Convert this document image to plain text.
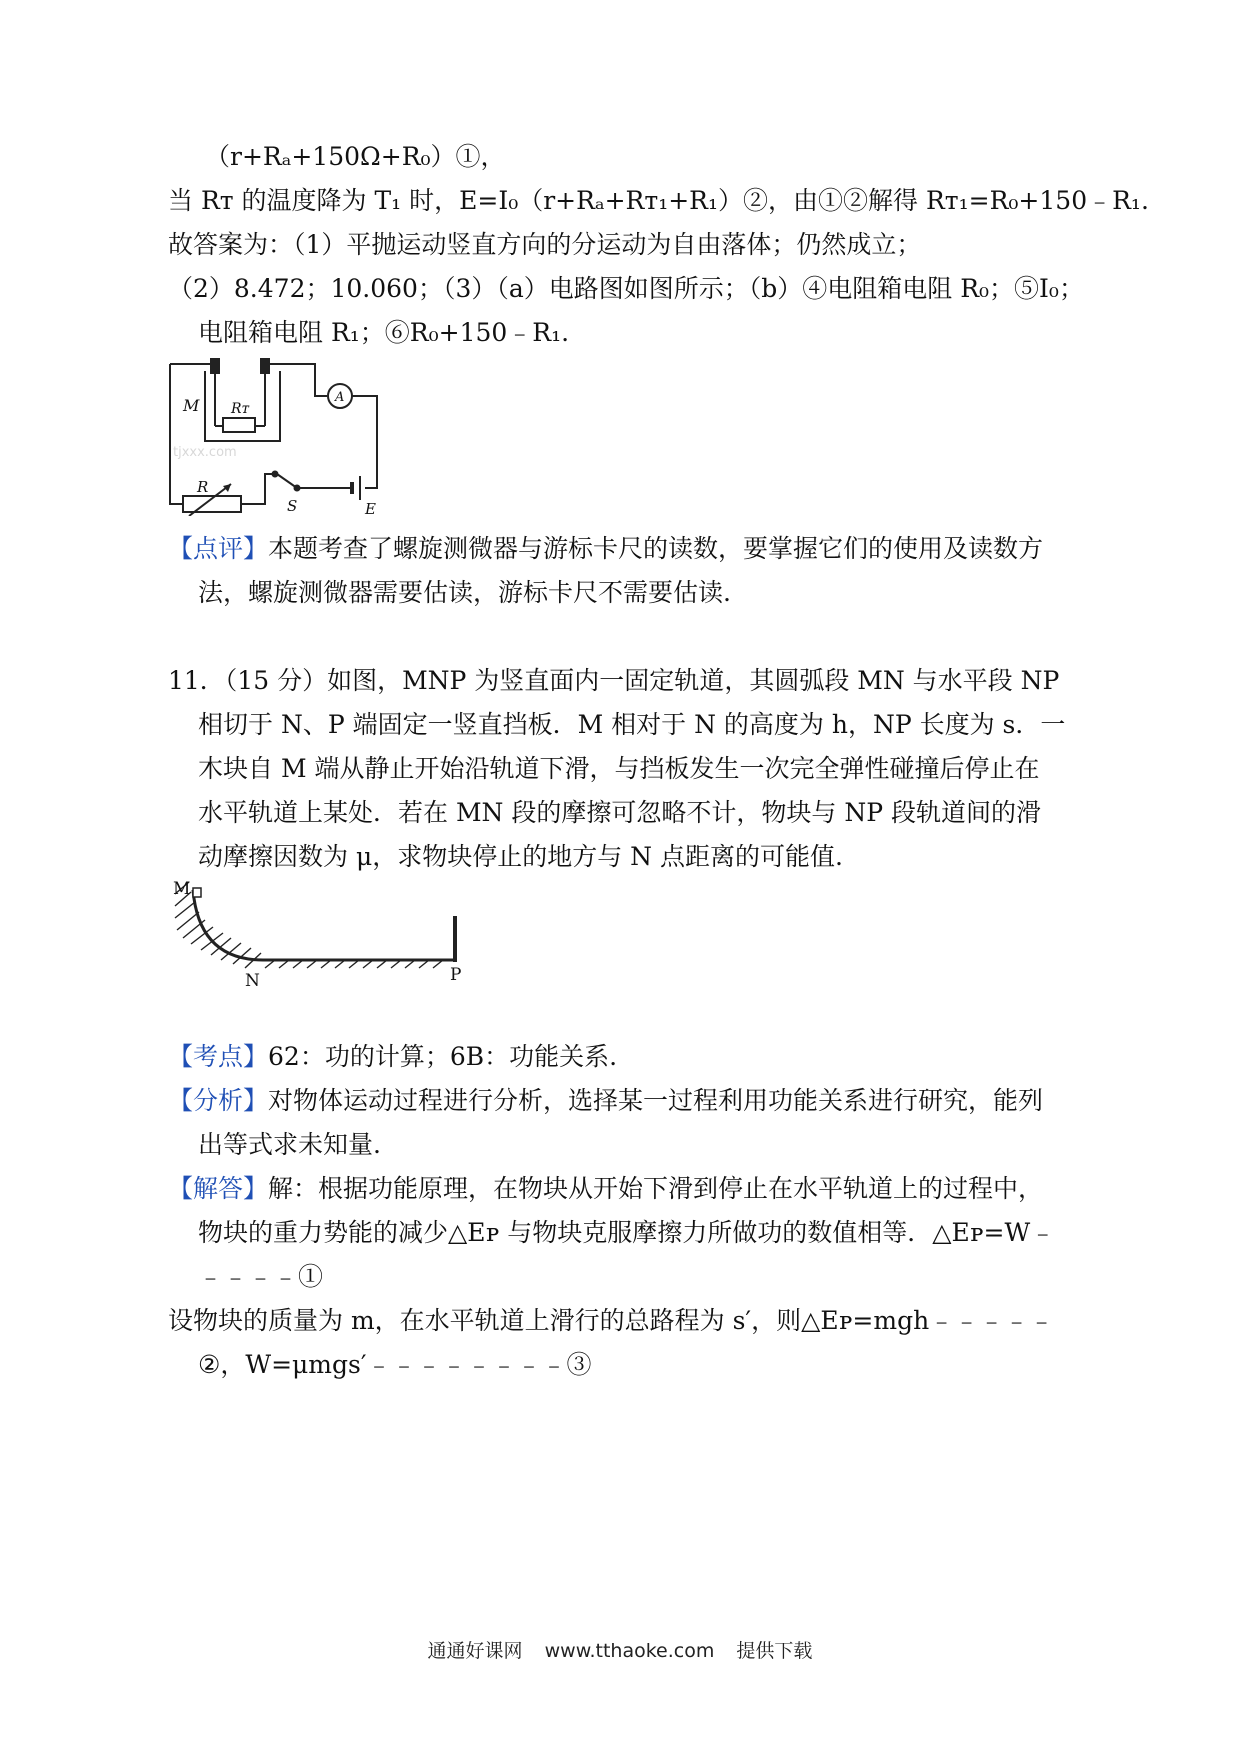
（r+Rₐ+150Ω+R₀）①，
当 Rᴛ 的温度降为 T₁ 时，E=I₀（r+Rₐ+Rᴛ₁+R₁）②，由①②解得 Rᴛ₁=R₀+150﹣R₁.
故答案为：（1）平抛运动竖直方向的分运动为自由落体；仍然成立；
（2）8.472；10.060；（3）（a）电路图如图所示；（b）④电阻箱电阻 R₀；⑤I₀；
电阻箱电阻 R₁；⑥R₀+150﹣R₁.
M Rᴛ
A
R
S	E
tjxxx.com
【点评】本题考查了螺旋测微器与游标卡尺的读数，要掌握它们的使用及读数方
法，螺旋测微器需要估读，游标卡尺不需要估读.
11．（15 分）如图，MNP 为竖直面内一固定轨道，其圆弧段 MN 与水平段 NP
相切于 N、P 端固定一竖直挡板．M 相对于 N 的高度为 h，NP 长度为 s．一
木块自 M 端从静止开始沿轨道下滑，与挡板发生一次完全弹性碰撞后停止在
水平轨道上某处．若在 MN 段的摩擦可忽略不计，物块与 NP 段轨道间的滑
动摩擦因数为 μ，求物块停止的地方与 N 点距离的可能值.
M
N	P
【考点】62：功的计算；6B：功能关系.
【分析】对物体运动过程进行分析，选择某一过程利用功能关系进行研究，能列
出等式求未知量.
【解答】解：根据功能原理，在物块从开始下滑到停止在水平轨道上的过程中，
物块的重力势能的减少△Eᴘ 与物块克服摩擦力所做功的数值相等．△Eᴘ=W﹣
﹣﹣﹣﹣①
设物块的质量为 m，在水平轨道上滑行的总路程为 s′，则△Eᴘ=mgh﹣﹣﹣﹣﹣
②，W=μmgs′﹣﹣﹣﹣﹣﹣﹣﹣③
通通好课网 www.tthaoke.com 提供下载
